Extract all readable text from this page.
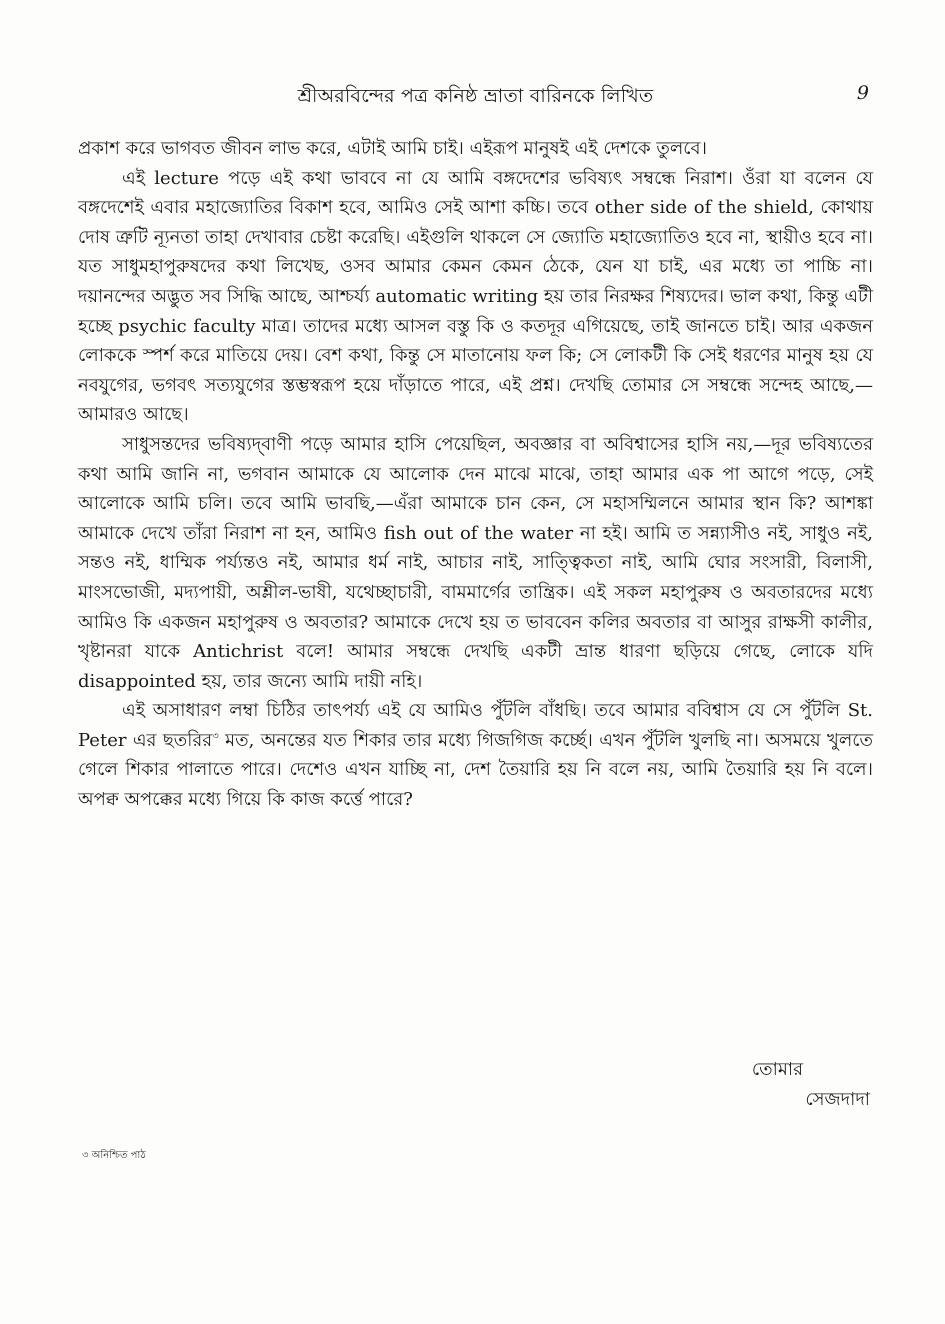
শ্রীঅরবিন্দের পত্র কনিষ্ঠ ভ্রাতা বারিনকে লিখিত	9

প্রকাশ করে ভাগবত জীবন লাভ করে, এটাই আমি চাই। এইরূপ মানুষই এই দেশকে তুলবে।

এই lecture পড়ে এই কথা ভাববে না যে আমি বঙ্গদেশের ভবিষ্যৎ সম্বন্ধে নিরাশ। ওঁরা যা বলেন যে বঙ্গদেশেই এবার মহাজ্যোতির বিকাশ হবে, আমিও সেই আশা কচ্চি। তবে other side of the shield, কোথায় দোষ ত্রুটি ন্যূনতা তাহা দেখাবার চেষ্টা করেছি। এইগুলি থাকলে সে জ্যোতি মহাজ্যোতিও হবে না, স্থায়ীও হবে না। যত সাধুমহাপুরুষদের কথা লিখেছ, ওসব আমার কেমন কেমন ঠেকে, যেন যা চাই, এর মধ্যে তা পাচ্চি না। দয়ানন্দের অদ্ভুত সব সিদ্ধি আছে, আশ্চর্য্য automatic writing হয় তার নিরক্ষর শিষ্যদের। ভাল কথা, কিন্তু এটী হচ্ছে psychic faculty মাত্র। তাদের মধ্যে আসল বস্তু কি ও কতদূর এগিয়েছে, তাই জানতে চাই। আর একজন লোককে স্পর্শ করে মাতিয়ে দেয়। বেশ কথা, কিন্তু সে মাতানোয় ফল কি; সে লোকটী কি সেই ধরণের মানুষ হয় যে নবযুগের, ভগবৎ সত্যযুগের স্তম্ভস্বরূপ হয়ে দাঁড়াতে পারে, এই প্রশ্ন। দেখছি তোমার সে সম্বন্ধে সন্দেহ আছে,—আমারও আছে।

সাধুসন্তদের ভবিষ্যদ্‌বাণী পড়ে আমার হাসি পেয়েছিল, অবজ্ঞার বা অবিশ্বাসের হাসি নয়,—দূর ভবিষ্যতের কথা আমি জানি না, ভগবান আমাকে যে আলোক দেন মাঝে মাঝে, তাহা আমার এক পা আগে পড়ে, সেই আলোকে আমি চলি। তবে আমি ভাবছি,—এঁরা আমাকে চান কেন, সে মহাসম্মিলনে আমার স্থান কি? আশঙ্কা আমাকে দেখে তাঁরা নিরাশ না হন, আমিও fish out of the water না হই। আমি ত সন্ন্যাসীও নই, সাধুও নই, সন্তও নই, ধাম্মিক পর্য্যন্তও নই, আমার ধর্ম নাই, আচার নাই, সাত্ত্বিকতা নাই, আমি ঘোর সংসারী, বিলাসী, মাংসভোজী, মদ্যপায়ী, অশ্লীল-ভাষী, যথেচ্ছাচারী, বামমার্গের তান্ত্রিক। এই সকল মহাপুরুষ ও অবতারদের মধ্যে আমিও কি একজন মহাপুরুষ ও অবতার? আমাকে দেখে হয় ত ভাববেন কলির অবতার বা আসুর রাক্ষসী কালীর, খৃষ্টানরা যাকে Antichrist বলে! আমার সম্বন্ধে দেখছি একটী ভ্রান্ত ধারণা ছড়িয়ে গেছে, লোকে যদি disappointed হয়, তার জন্যে আমি দায়ী নহি।

এই অসাধারণ লম্বা চিঠির তাৎপর্য্য এই যে আমিও পুঁটলি বাঁধছি। তবে আমার ববিশ্বাস যে সে পুঁটলি St. Peter এর ছতরির$^৩$ মত, অনন্তের যত শিকার তার মধ্যে গিজগিজ কর্চ্ছে। এখন পুঁটলি খুলছি না। অসময়ে খুলতে গেলে শিকার পালাতে পারে। দেশেও এখন যাচ্ছি না, দেশ তৈয়ারি হয় নি বলে নয়, আমি তৈয়ারি হয় নি বলে। অপক্ব অপক্কের মধ্যে গিয়ে কি কাজ কর্ত্তে পারে?

তোমার
সেজদাদা
৩ অনিশ্চিত পাঠ
